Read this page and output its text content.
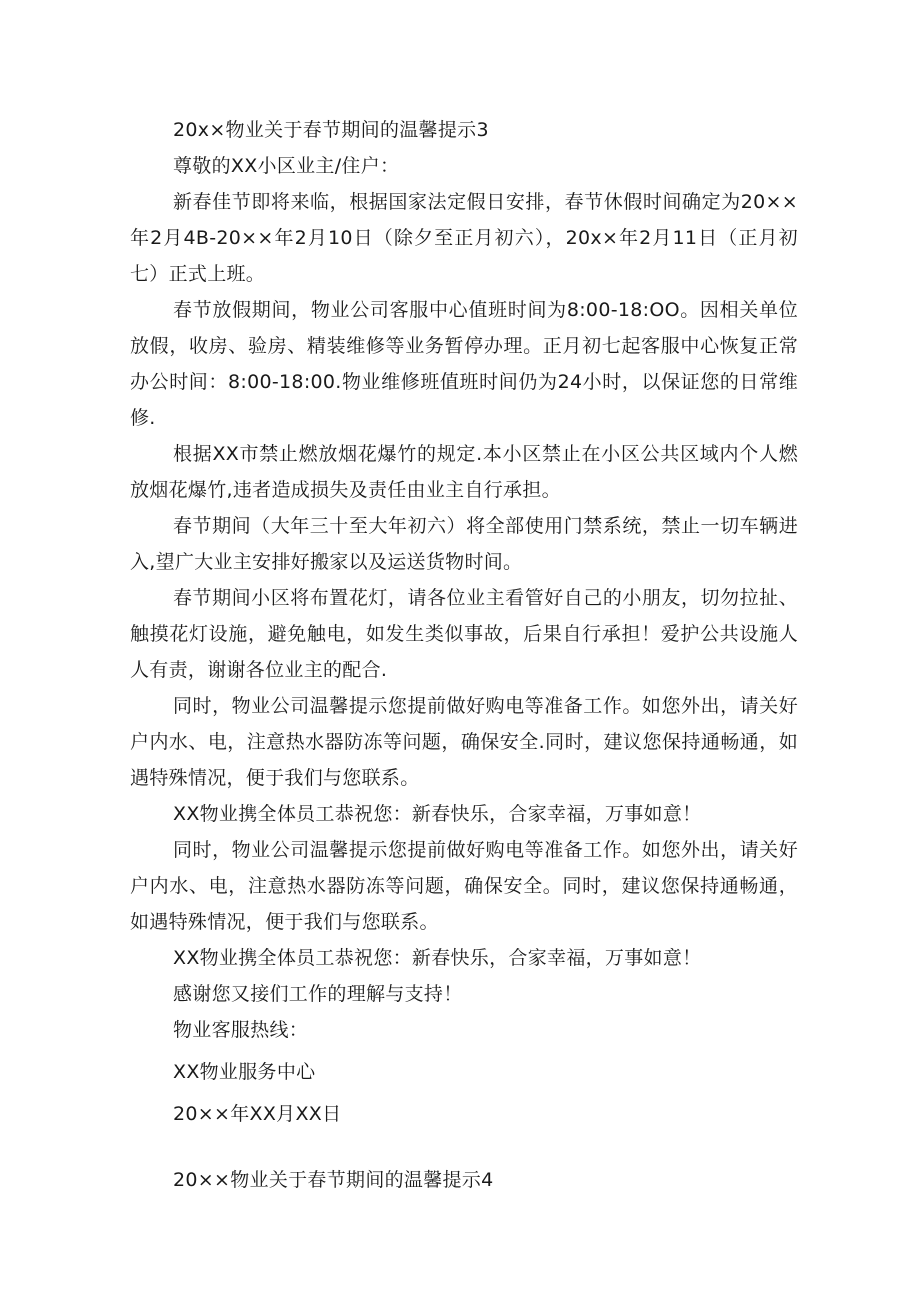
20x×物业关于春节期间的温馨提示3

尊敬的XX小区业主/住户：

新春佳节即将来临，根据国家法定假日安排，春节休假时间确定为20××年2月4B-20××年2月10日（除夕至正月初六），20x×年2月11日（正月初七）正式上班。

春节放假期间，物业公司客服中心值班时间为8:00-18:OO。因相关单位放假，收房、验房、精装维修等业务暂停办理。正月初七起客服中心恢复正常办公时间：8:00-18:00.物业维修班值班时间仍为24小时，以保证您的日常维修.

根据XX市禁止燃放烟花爆竹的规定.本小区禁止在小区公共区域内个人燃放烟花爆竹,违者造成损失及责任由业主自行承担。

春节期间（大年三十至大年初六）将全部使用门禁系统，禁止一切车辆进入,望广大业主安排好搬家以及运送货物时间。

春节期间小区将布置花灯，请各位业主看管好自己的小朋友，切勿拉扯、触摸花灯设施，避免触电，如发生类似事故，后果自行承担！爱护公共设施人人有责，谢谢各位业主的配合.

同时，物业公司温馨提示您提前做好购电等准备工作。如您外出，请关好户内水、电，注意热水器防冻等问题，确保安全.同时，建议您保持通畅通，如遇特殊情况，便于我们与您联系。

XX物业携全体员工恭祝您：新春快乐，合家幸福，万事如意！

同时，物业公司温馨提示您提前做好购电等准备工作。如您外出，请关好户内水、电，注意热水器防冻等问题，确保安全。同时，建议您保持通畅通，如遇特殊情况，便于我们与您联系。

XX物业携全体员工恭祝您：新春快乐，合家幸福，万事如意！

感谢您又接们工作的理解与支持！

物业客服热线：

XX物业服务中心

20××年XX月XX日

20××物业关于春节期间的温馨提示4
